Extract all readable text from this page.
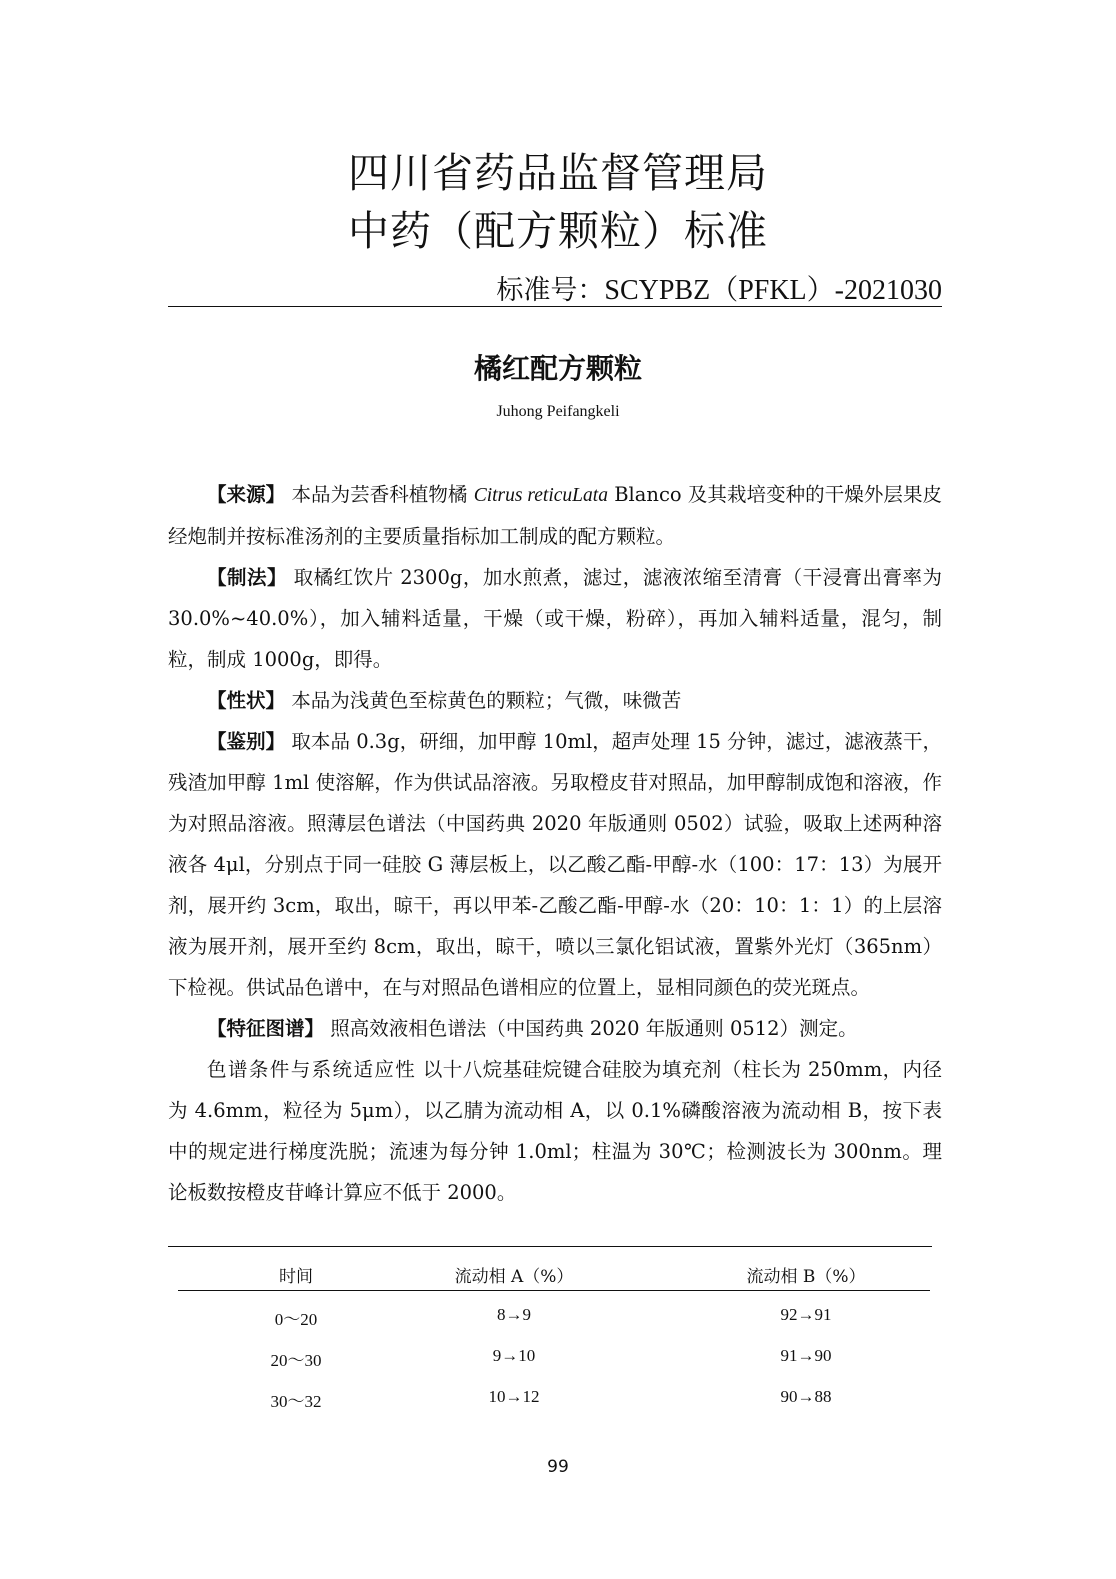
四川省药品监督管理局
中药（配方颗粒）标准
标准号：SCYPBZ（PFKL）-2021030
橘红配方颗粒
Juhong Peifangkeli

【来源】 本品为芸香科植物橘 Citrus reticuLata Blanco 及其栽培变种的干燥外层果皮经炮制并按标准汤剂的主要质量指标加工制成的配方颗粒。

【制法】 取橘红饮片 2300g，加水煎煮，滤过，滤液浓缩至清膏（干浸膏出膏率为 30.0%~40.0%），加入辅料适量，干燥（或干燥，粉碎），再加入辅料适量，混匀，制粒，制成 1000g，即得。

【性状】 本品为浅黄色至棕黄色的颗粒；气微，味微苦

【鉴别】 取本品 0.3g，研细，加甲醇 10ml，超声处理 15 分钟，滤过，滤液蒸干，残渣加甲醇 1ml 使溶解，作为供试品溶液。另取橙皮苷对照品，加甲醇制成饱和溶液，作为对照品溶液。照薄层色谱法（中国药典 2020 年版通则 0502）试验，吸取上述两种溶液各 4μl，分别点于同一硅胶 G 薄层板上，以乙酸乙酯-甲醇-水（100：17：13）为展开剂，展开约 3cm，取出，晾干，再以甲苯-乙酸乙酯-甲醇-水（20：10：1：1）的上层溶液为展开剂，展开至约 8cm，取出，晾干，喷以三氯化铝试液，置紫外光灯（365nm）下检视。供试品色谱中，在与对照品色谱相应的位置上，显相同颜色的荧光斑点。

【特征图谱】 照高效液相色谱法（中国药典 2020 年版通则 0512）测定。

色谱条件与系统适应性 以十八烷基硅烷键合硅胶为填充剂（柱长为 250mm，内径为 4.6mm，粒径为 5μm），以乙腈为流动相 A，以 0.1%磷酸溶液为流动相 B，按下表中的规定进行梯度洗脱；流速为每分钟 1.0ml；柱温为 30℃；检测波长为 300nm。理论板数按橙皮苷峰计算应不低于 2000。

时间	流动相 A（%）	流动相 B（%）
0～20	8→9	92→91
20～30	9→10	91→90
30～32	10→12	90→88
99
